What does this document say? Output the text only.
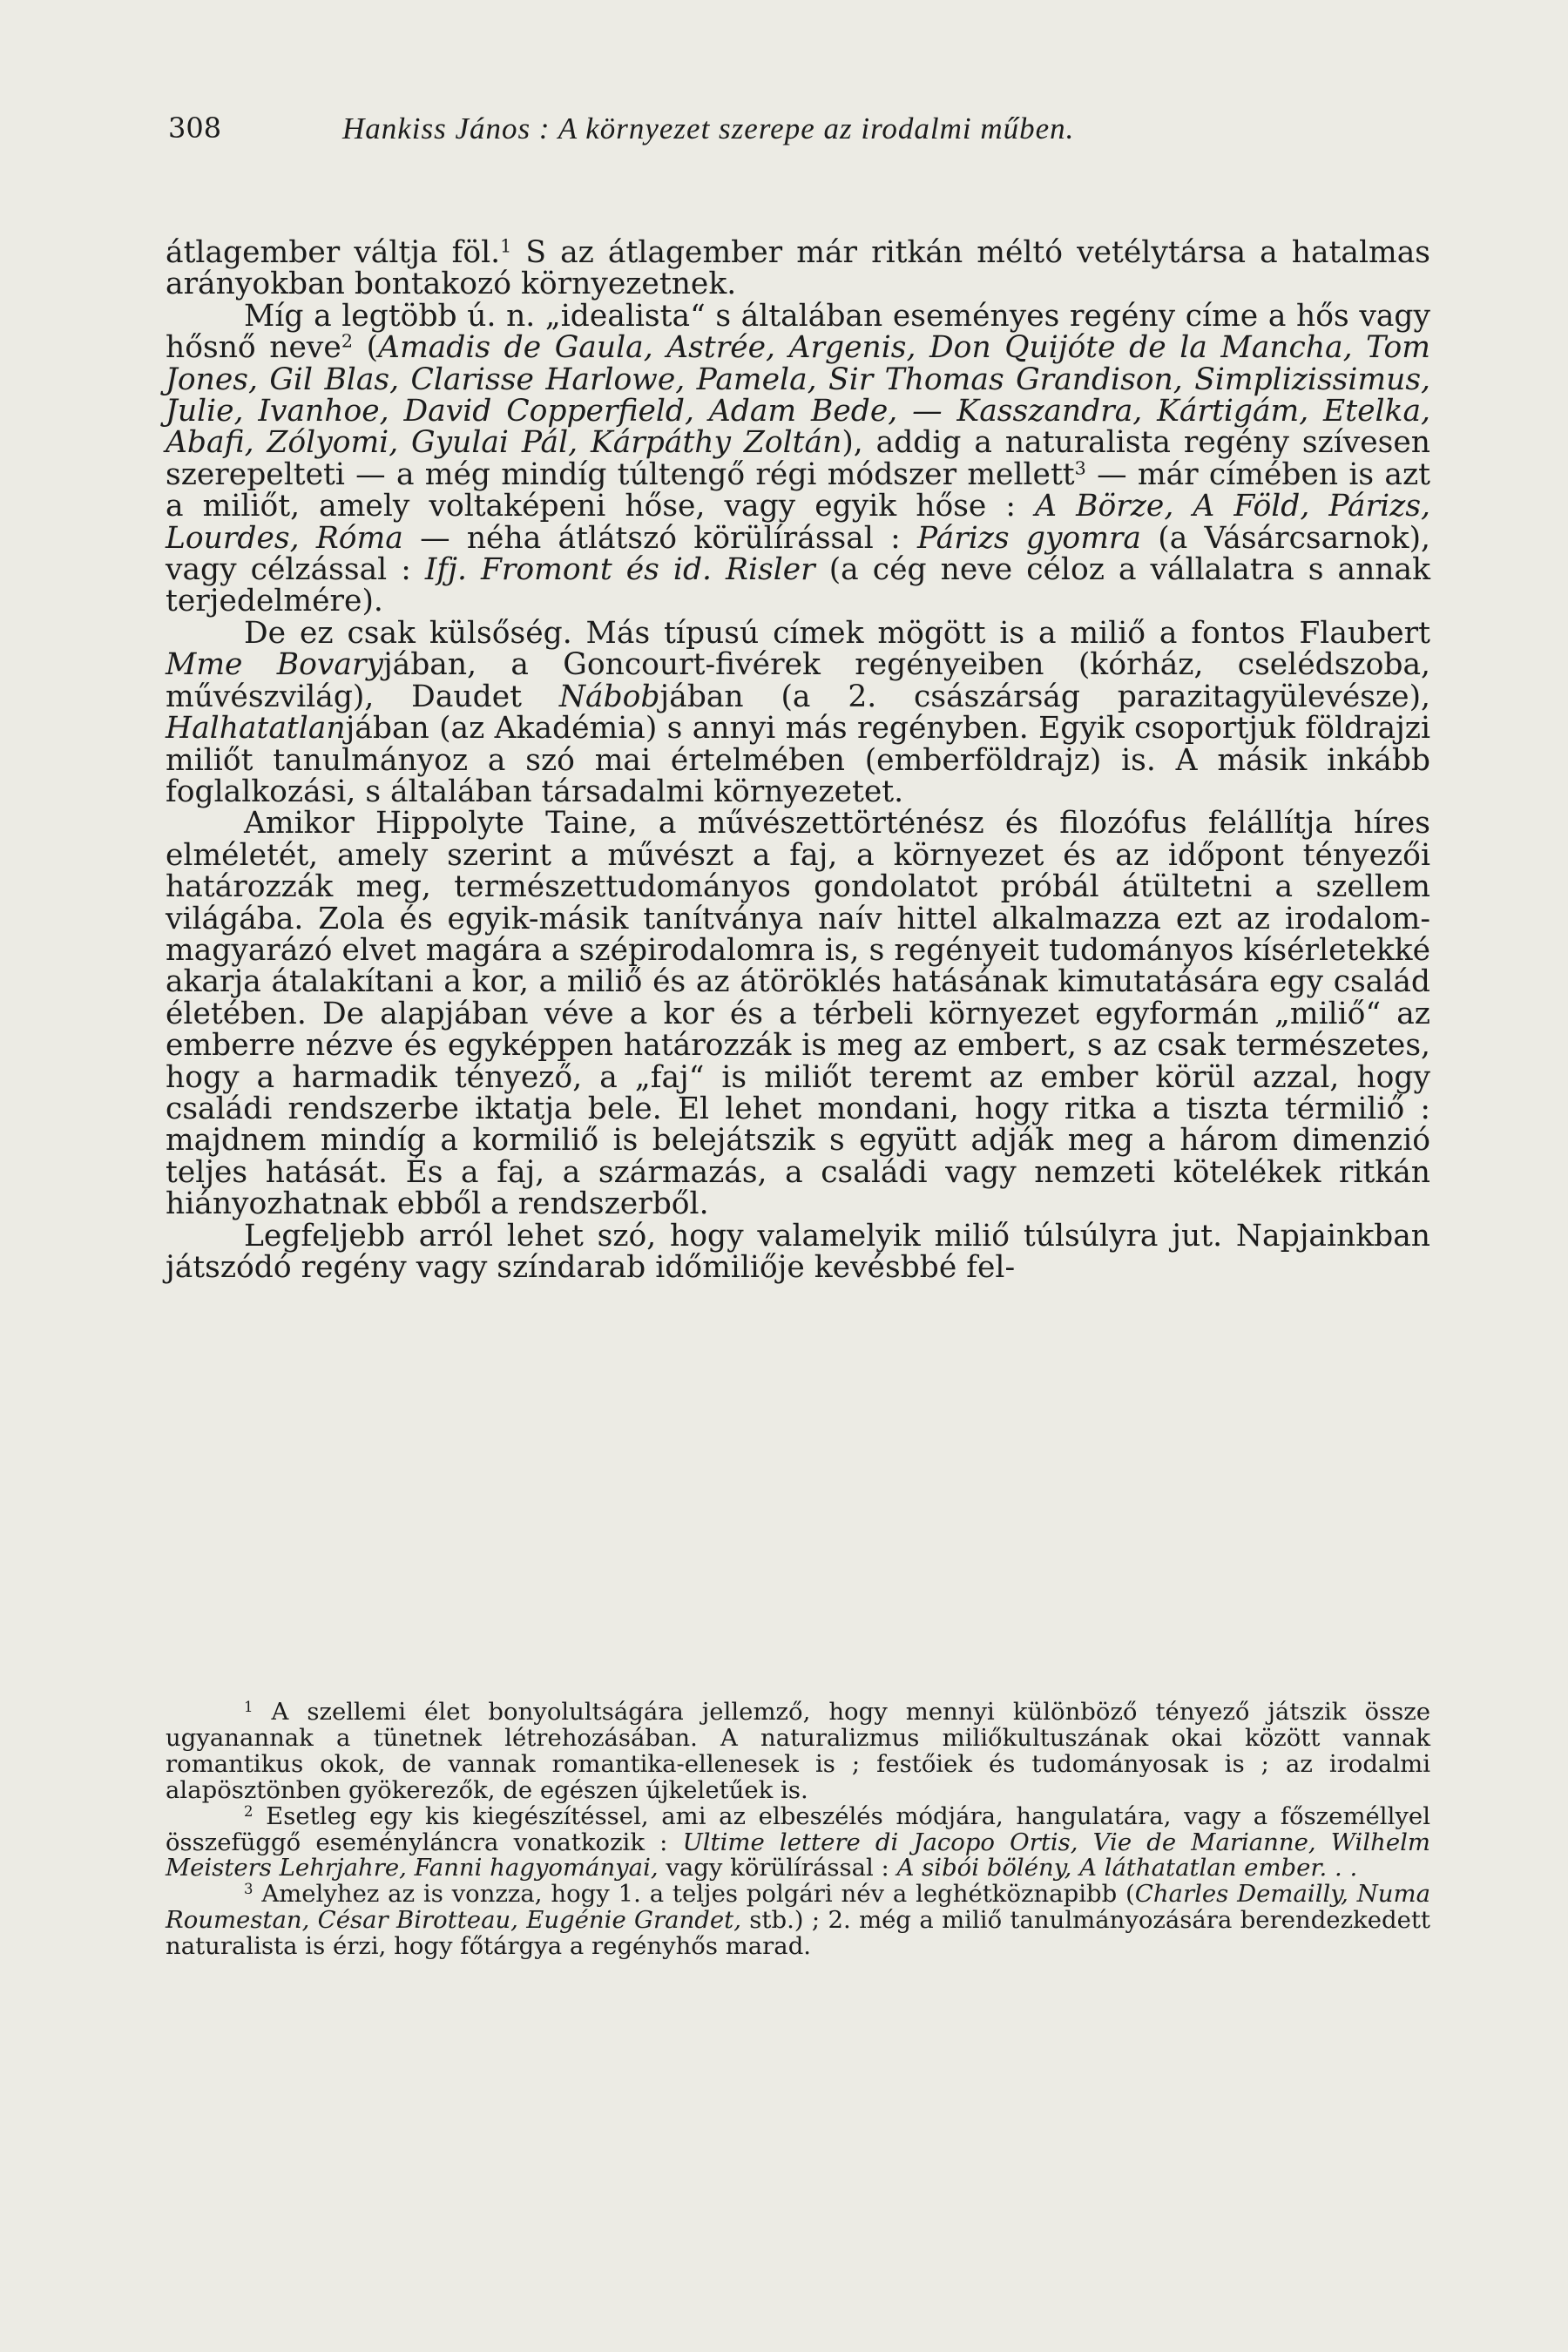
308	Hankiss János : A környezet szerepe az irodalmi műben.

átlagember váltja föl.$^1$ S az átlagember már ritkán méltó vetélytársa a hatalmas arányokban bontakozó környezetnek.

Míg a legtöbb ú. n. „idealista“ s általában eseményes regény címe a hős vagy hősnő neve$^2$ (Amadis de Gaula, Astrée, Argenis, Don Quijóte de la Mancha, Tom Jones, Gil Blas, Clarisse Harlowe, Pamela, Sir Thomas Grandison, Simplizissimus, Julie, Ivanhoe, David Copperfield, Adam Bede, — Kasszandra, Kártigám, Etelka, Abafi, Zólyomi, Gyulai Pál, Kárpáthy Zoltán), addig a naturalista regény szívesen szerepelteti — a még mindíg túltengő régi módszer mellett$^3$ — már címében is azt a miliőt, amely voltaképeni hőse, vagy egyik hőse : A Börze, A Föld, Párizs, Lourdes, Róma — néha átlátszó körülírással : Párizs gyomra (a Vásárcsarnok), vagy célzással : Ifj. Fromont és id. Risler (a cég neve céloz a vállalatra s annak terjedelmére).

De ez csak külsőség. Más típusú címek mögött is a miliő a fontos Flaubert Mme Bovaryjában, a Goncourt-fivérek regényeiben (kórház, cselédszoba, művészvilág), Daudet Nábobjában (a 2. császárság parazitagyülevésze), Halhatatlanjában (az Akadémia) s annyi más regényben. Egyik csoportjuk földrajzi miliőt tanulmányoz a szó mai értelmében (emberföldrajz) is. A másik inkább foglalkozási, s általában társadalmi környezetet.

Amikor Hippolyte Taine, a művészettörténész és filozófus felállítja híres elméletét, amely szerint a művészt a faj, a környezet és az időpont tényezői határozzák meg, természettudományos gondolatot próbál átültetni a szellem világába. Zola és egyik-másik tanítványa naív hittel alkalmazza ezt az irodalom-magyarázó elvet magára a szépirodalomra is, s regényeit tudományos kísérletekké akarja átalakítani a kor, a miliő és az átöröklés hatásának kimutatására egy család életében. De alapjában véve a kor és a térbeli környezet egyformán „miliő“ az emberre nézve és egyképpen határozzák is meg az embert, s az csak természetes, hogy a harmadik tényező, a „faj“ is miliőt teremt az ember körül azzal, hogy családi rendszerbe iktatja bele. El lehet mondani, hogy ritka a tiszta térmiliő : majdnem mindíg a kormiliő is belejátszik s együtt adják meg a három dimenzió teljes hatását. És a faj, a származás, a családi vagy nemzeti kötelékek ritkán hiányozhatnak ebből a rendszerből.

Legfeljebb arról lehet szó, hogy valamelyik miliő túlsúlyra jut. Napjainkban játszódó regény vagy színdarab időmiliője kevésbbé fel-

$^1$ A szellemi élet bonyolultságára jellemző, hogy mennyi különböző tényező játszik össze ugyanannak a tünetnek létrehozásában. A naturalizmus miliőkultuszának okai között vannak romantikus okok, de vannak romantika-ellenesek is ; festőiek és tudományosak is ; az irodalmi alapösztönben gyökerezők, de egészen újkeletűek is.

$^2$ Esetleg egy kis kiegészítéssel, ami az elbeszélés módjára, hangulatára, vagy a főszeméllyel összefüggő eseményláncra vonatkozik : Ultime lettere di Jacopo Ortis, Vie de Marianne, Wilhelm Meisters Lehrjahre, Fanni hagyományai, vagy körülírással : A sibói bölény, A láthatatlan ember. . .

$^3$ Amelyhez az is vonzza, hogy 1. a teljes polgári név a leghétköznapibb (Charles Demailly, Numa Roumestan, César Birotteau, Eugénie Grandet, stb.) ; 2. még a miliő tanulmányozására berendezkedett naturalista is érzi, hogy főtárgya a regényhős marad.
